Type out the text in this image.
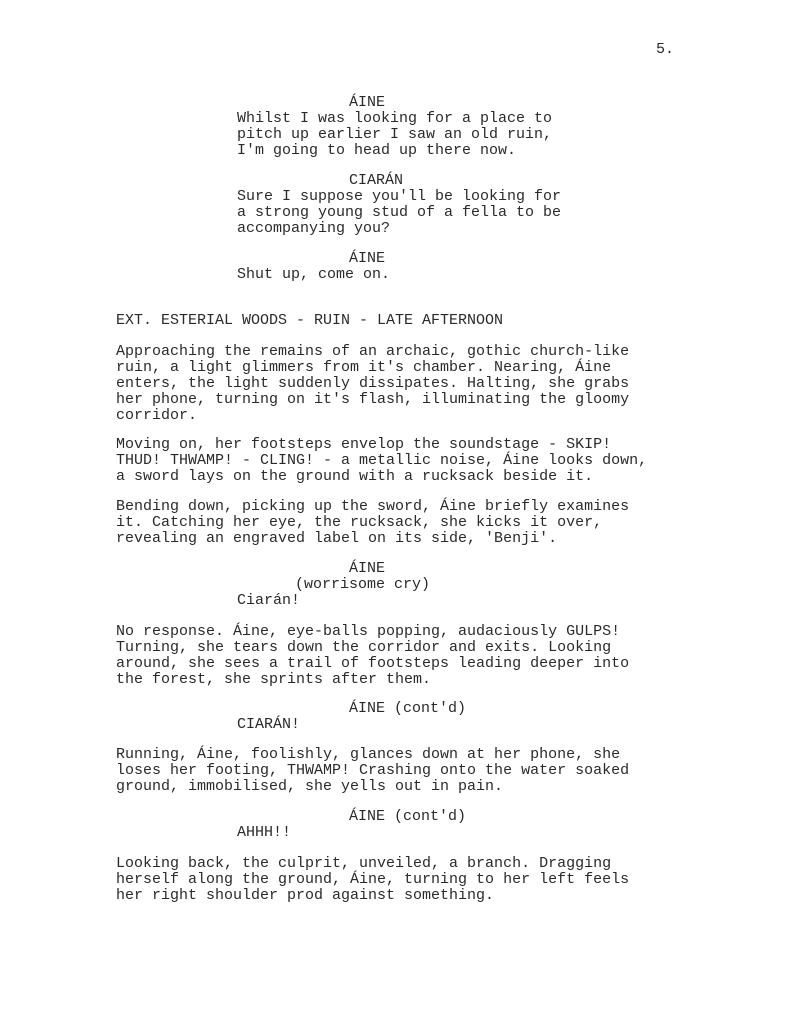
5.
ÁINE
Whilst I was looking for a place to
pitch up earlier I saw an old ruin,
I'm going to head up there now.
CIARÁN
Sure I suppose you'll be looking for
a strong young stud of a fella to be
accompanying you?
ÁINE
Shut up, come on.
EXT. ESTERIAL WOODS - RUIN - LATE AFTERNOON
Approaching the remains of an archaic, gothic church-like
ruin, a light glimmers from it's chamber. Nearing, Áine
enters, the light suddenly dissipates. Halting, she grabs
her phone, turning on it's flash, illuminating the gloomy
corridor.
Moving on, her footsteps envelop the soundstage - SKIP!
THUD! THWAMP! - CLING! - a metallic noise, Áine looks down,
a sword lays on the ground with a rucksack beside it.
Bending down, picking up the sword, Áine briefly examines
it. Catching her eye, the rucksack, she kicks it over,
revealing an engraved label on its side, 'Benji'.
ÁINE
(worrisome cry)
Ciarán!
No response. Áine, eye-balls popping, audaciously GULPS!
Turning, she tears down the corridor and exits. Looking
around, she sees a trail of footsteps leading deeper into
the forest, she sprints after them.
ÁINE (cont'd)
CIARÁN!
Running, Áine, foolishly, glances down at her phone, she
loses her footing, THWAMP! Crashing onto the water soaked
ground, immobilised, she yells out in pain.
ÁINE (cont'd)
AHHH!!
Looking back, the culprit, unveiled, a branch. Dragging
herself along the ground, Áine, turning to her left feels
her right shoulder prod against something.
